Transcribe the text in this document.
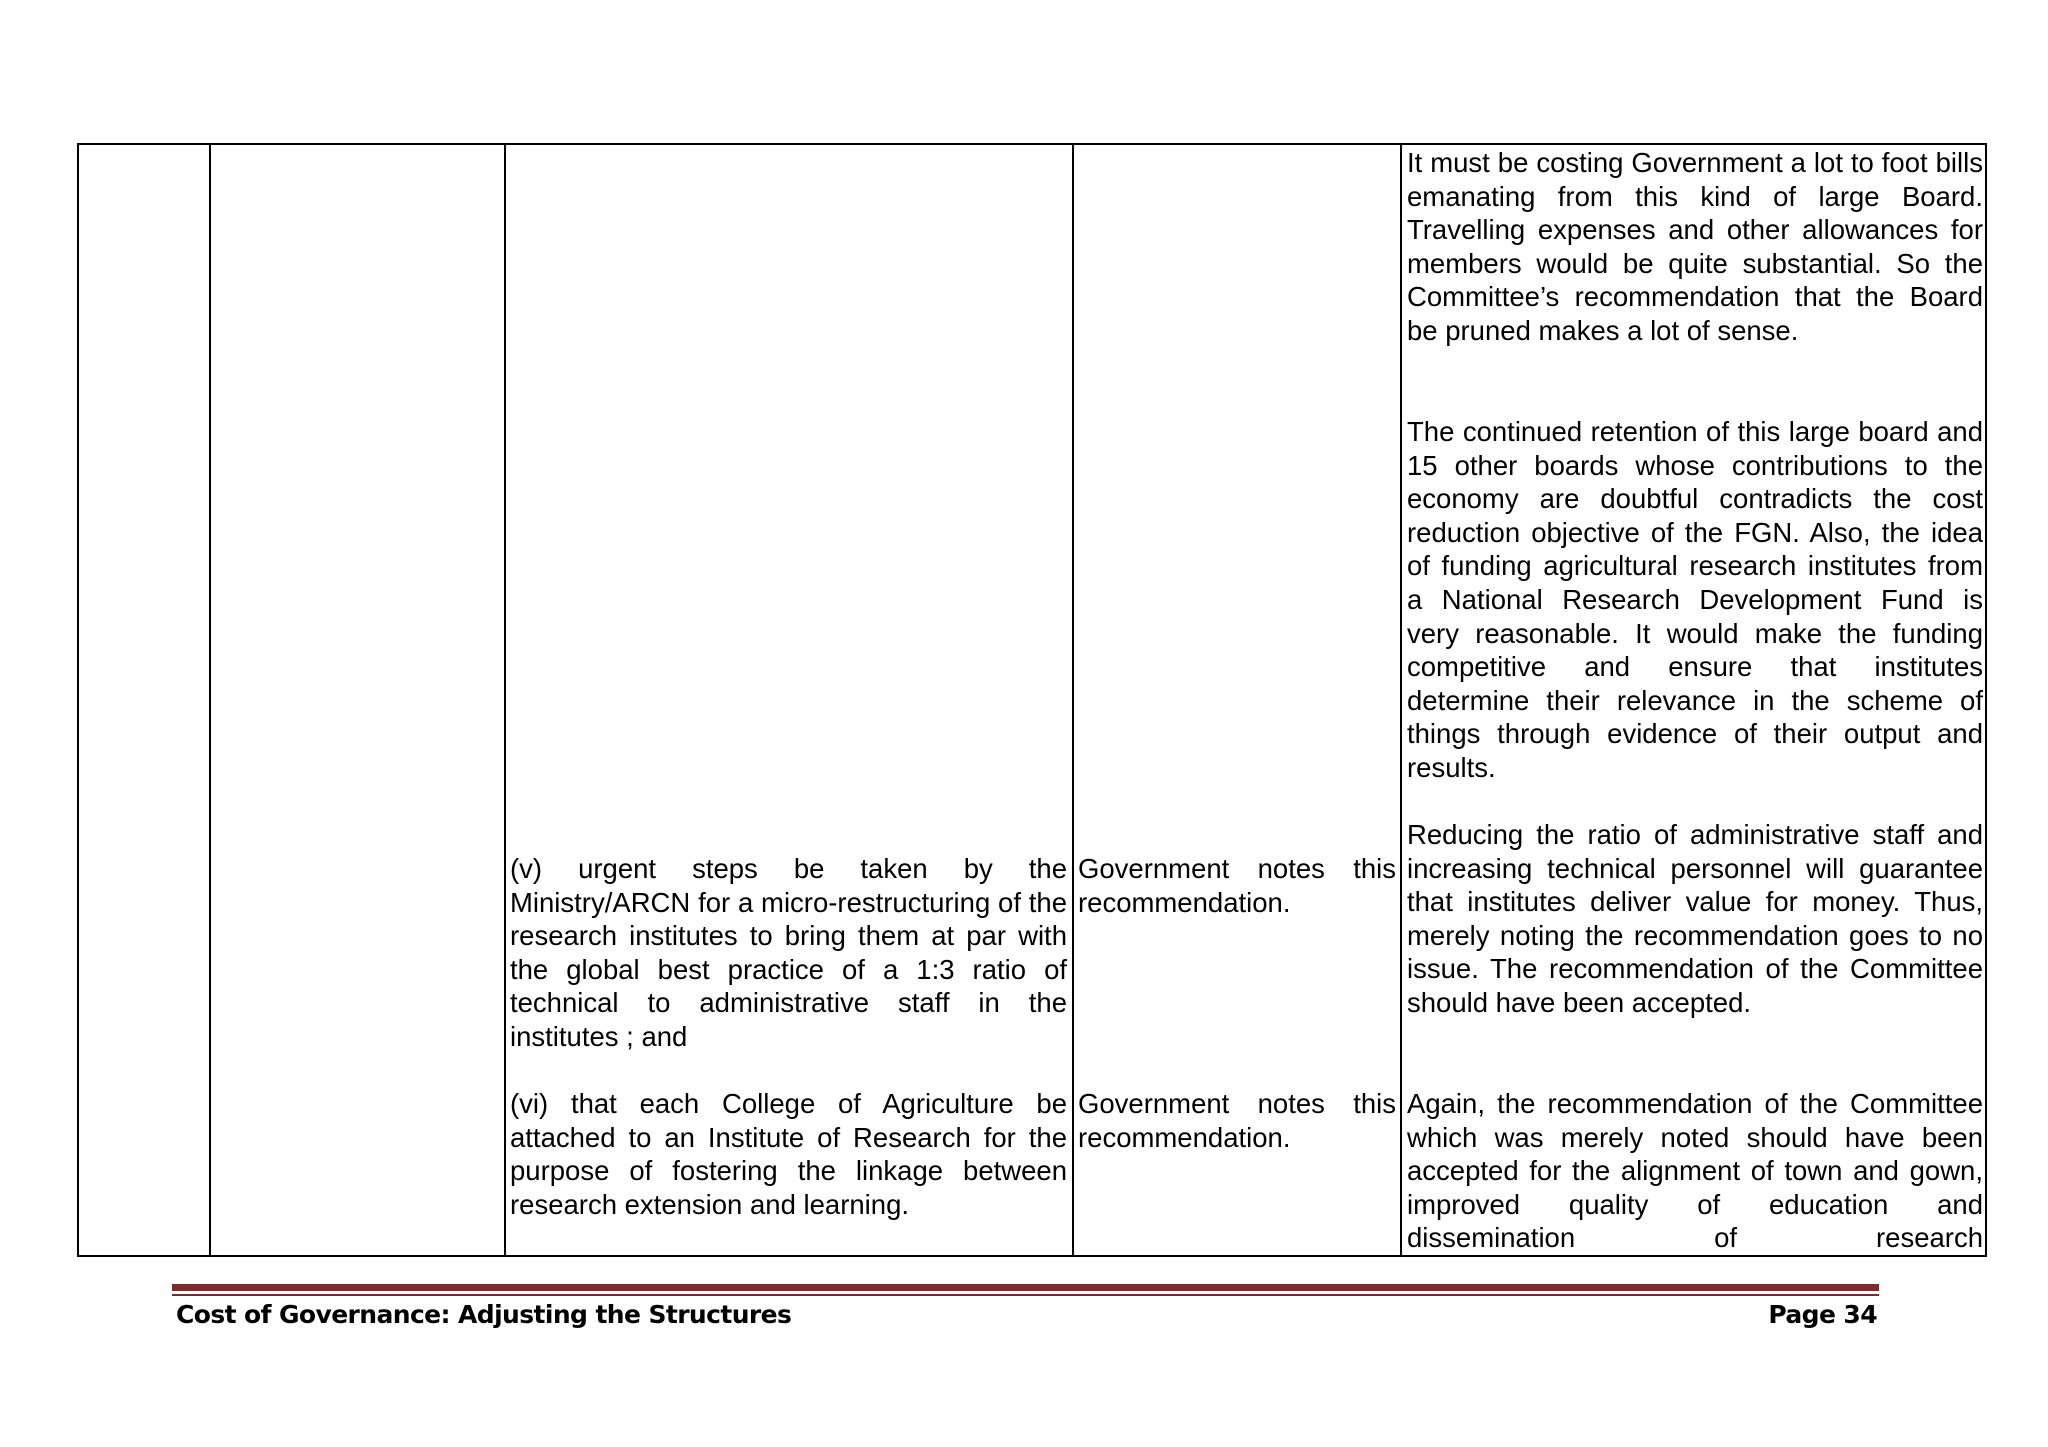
It must be costing Government a lot to foot bills emanating from this kind of large Board. Travelling expenses and other allowances for members would be quite substantial. So the Committee’s recommendation that the Board be pruned makes a lot of sense.

The continued retention of this large board and 15 other boards whose contributions to the economy are doubtful contradicts the cost reduction objective of the FGN. Also, the idea of funding agricultural research institutes from a National Research Development Fund is very reasonable. It would make the funding competitive and ensure that institutes determine their relevance in the scheme of things through evidence of their output and results.

Reducing the ratio of administrative staff and increasing technical personnel will guarantee that institutes deliver value for money. Thus, merely noting the recommendation goes to no issue. The recommendation of the Committee should have been accepted.

Again, the recommendation of the Committee which was merely noted should have been accepted for the alignment of town and gown, improved quality of education and dissemination of research

(v) urgent steps be taken by the Ministry/ARCN for a micro-restructuring of the research institutes to bring them at par with the global best practice of a 1:3 ratio of technical to administrative staff in the institutes ; and

(vi) that each College of Agriculture be attached to an Institute of Research for the purpose of fostering the linkage between research extension and learning.

Government notes this recommendation.

Government notes this recommendation.

Cost of Governance: Adjusting the Structures	Page 34
